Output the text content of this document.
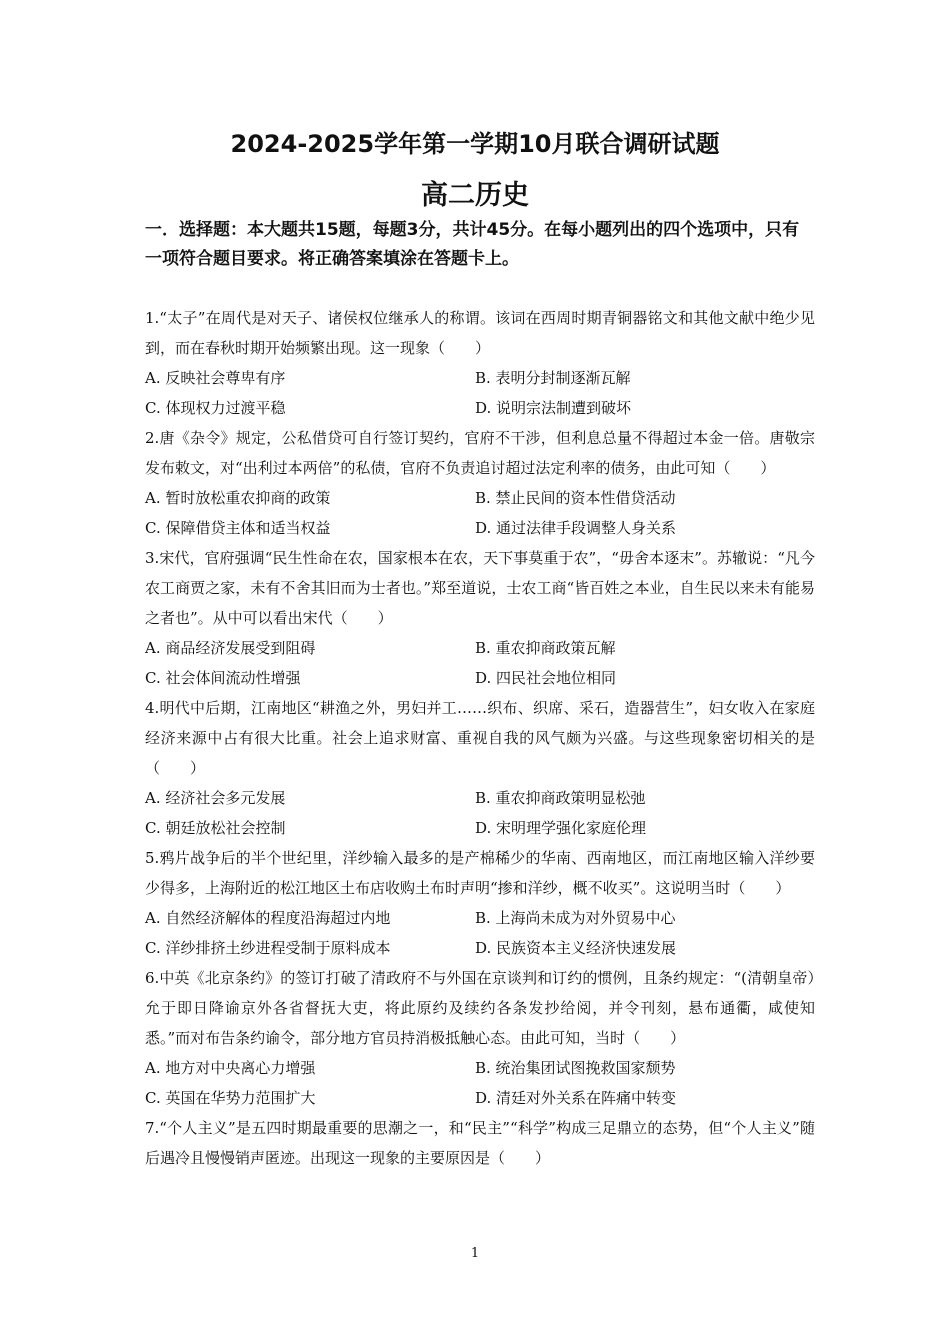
2024-2025学年第一学期10月联合调研试题
高二历史

一．选择题：本大题共15题，每题3分，共计45分。在每小题列出的四个选项中，只有一项符合题目要求。将正确答案填涂在答题卡上。

1.“太子”在周代是对天子、诸侯权位继承人的称谓。该词在西周时期青铜器铭文和其他文献中绝少见到，而在春秋时期开始频繁出现。这一现象（　　）

A. 反映社会尊卑有序	B. 表明分封制逐渐瓦解
C. 体现权力过渡平稳	D. 说明宗法制遭到破坏

2.唐《杂令》规定，公私借贷可自行签订契约，官府不干涉，但利息总量不得超过本金一倍。唐敬宗发布敕文，对“出利过本两倍”的私债，官府不负责追讨超过法定利率的债务，由此可知（　　）

A. 暂时放松重农抑商的政策	B. 禁止民间的资本性借贷活动
C. 保障借贷主体和适当权益	D. 通过法律手段调整人身关系

3.宋代，官府强调“民生性命在农，国家根本在农，天下事莫重于农”，“毋舍本逐末”。苏辙说：“凡今农工商贾之家，未有不舍其旧而为士者也。”郑至道说，士农工商“皆百姓之本业，自生民以来未有能易之者也”。从中可以看出宋代（　　）

A. 商品经济发展受到阻碍	B. 重农抑商政策瓦解
C. 社会体间流动性增强	D. 四民社会地位相同

4.明代中后期，江南地区“耕渔之外，男妇并工……织布、织席、采石，造器营生”，妇女收入在家庭经济来源中占有很大比重。社会上追求财富、重视自我的风气颇为兴盛。与这些现象密切相关的是（　　）

A. 经济社会多元发展	B. 重农抑商政策明显松弛
C. 朝廷放松社会控制	D. 宋明理学强化家庭伦理

5.鸦片战争后的半个世纪里，洋纱输入最多的是产棉稀少的华南、西南地区，而江南地区输入洋纱要少得多，上海附近的松江地区土布店收购土布时声明“掺和洋纱，概不收买”。这说明当时（　　）

A. 自然经济解体的程度沿海超过内地	B. 上海尚未成为对外贸易中心
C. 洋纱排挤土纱进程受制于原料成本	D. 民族资本主义经济快速发展

6.中英《北京条约》的签订打破了清政府不与外国在京谈判和订约的惯例，且条约规定：“(清朝皇帝）允于即日降谕京外各省督抚大吏，将此原约及续约各条发抄给阅，并令刊刻，悬布通衢，咸使知悉。”而对布告条约谕令，部分地方官员持消极抵触心态。由此可知，当时（　　）

A. 地方对中央离心力增强	B. 统治集团试图挽救国家颓势
C. 英国在华势力范围扩大	D. 清廷对外关系在阵痛中转变

7.“个人主义”是五四时期最重要的思潮之一，和“民主”“科学”构成三足鼎立的态势，但“个人主义”随后遇冷且慢慢销声匿迹。出现这一现象的主要原因是（　　）

1
